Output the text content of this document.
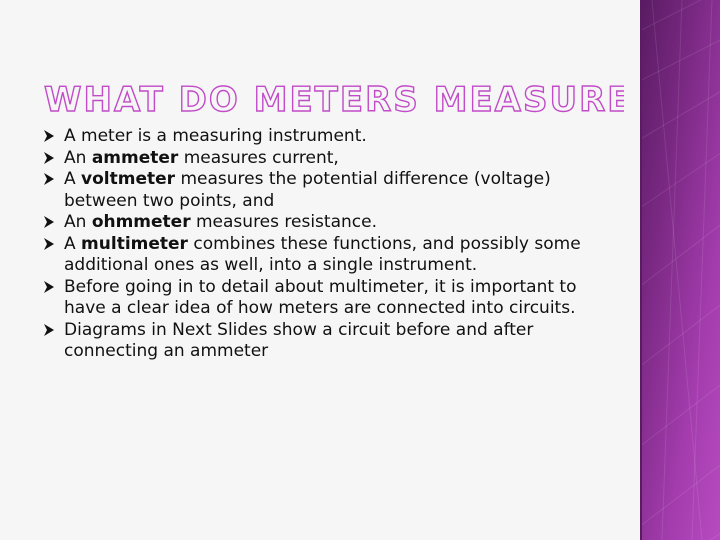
WHAT DO METERS MEASURE
A meter is a measuring instrument.
An ammeter measures current,
A voltmeter measures the potential difference (voltage) between two points, and
An ohmmeter measures resistance.
A multimeter combines these functions, and possibly some additional ones as well, into a single instrument.
Before going in to detail about multimeter, it is important to have a clear idea of how meters are connected into circuits.
Diagrams in Next Slides show a circuit before and after connecting an ammeter
